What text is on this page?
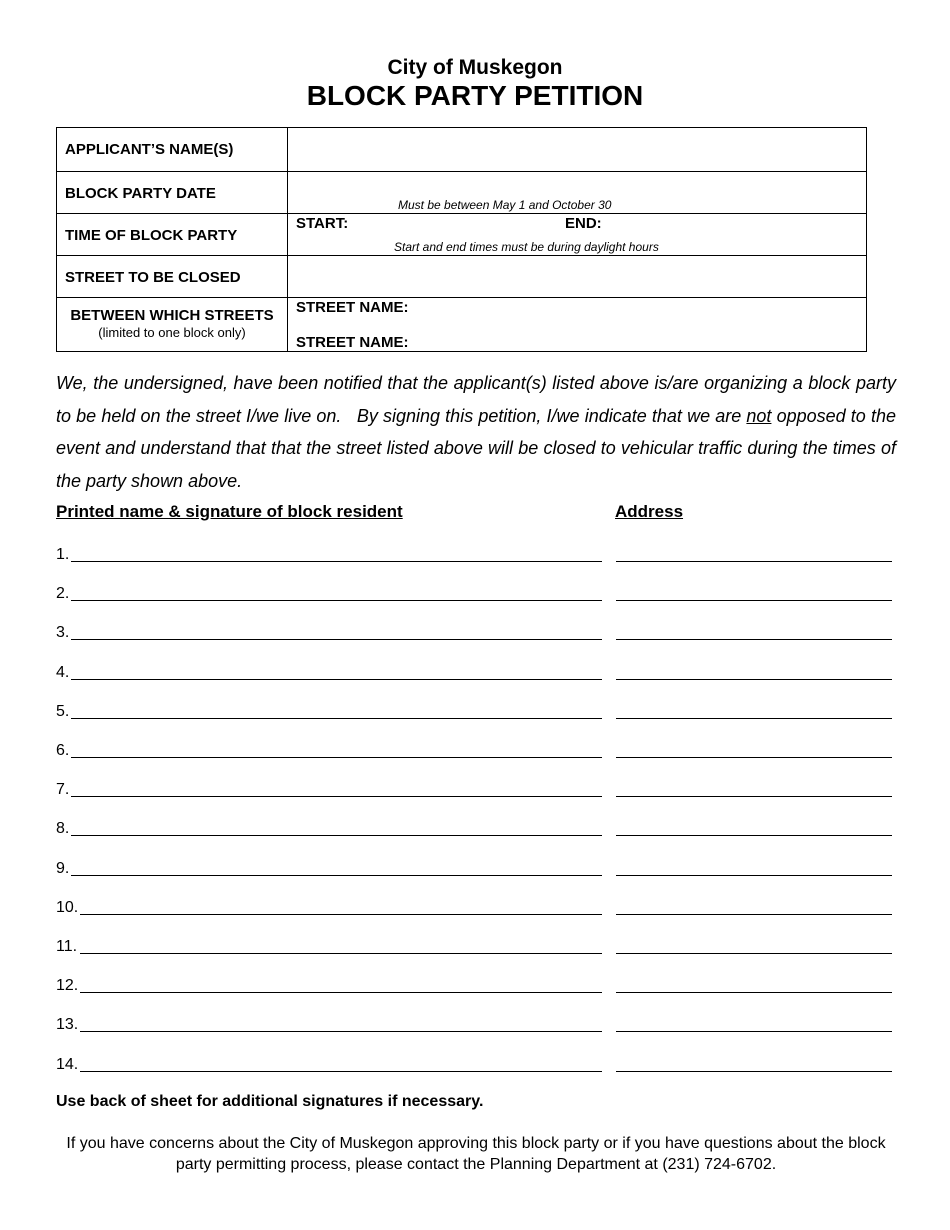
City of Muskegon
BLOCK PARTY PETITION
APPLICANT’S NAME(S)	

BLOCK PARTY DATE	Must be between May 1 and October 30

TIME OF BLOCK PARTY	START: END:
Start and end times must be during daylight hours

STREET TO BE CLOSED	

BETWEEN WHICH STREETS
(limited to one block only)	STREET NAME:
STREET NAME:
We, the undersigned, have been notified that the applicant(s) listed above is/are organizing a block party to be held on the street I/we live on.   By signing this petition, I/we indicate that we are not opposed to the event and understand that that the street listed above will be closed to vehicular traffic during the times of the party shown above.
Printed name & signature of block resident	Address
1.
2.
3.
4.
5.
6.
7.
8.
9.
10.
11.
12.
13.
14.
Use back of sheet for additional signatures if necessary.
If you have concerns about the City of Muskegon approving this block party or if you have questions about the block party permitting process, please contact the Planning Department at (231) 724-6702.
